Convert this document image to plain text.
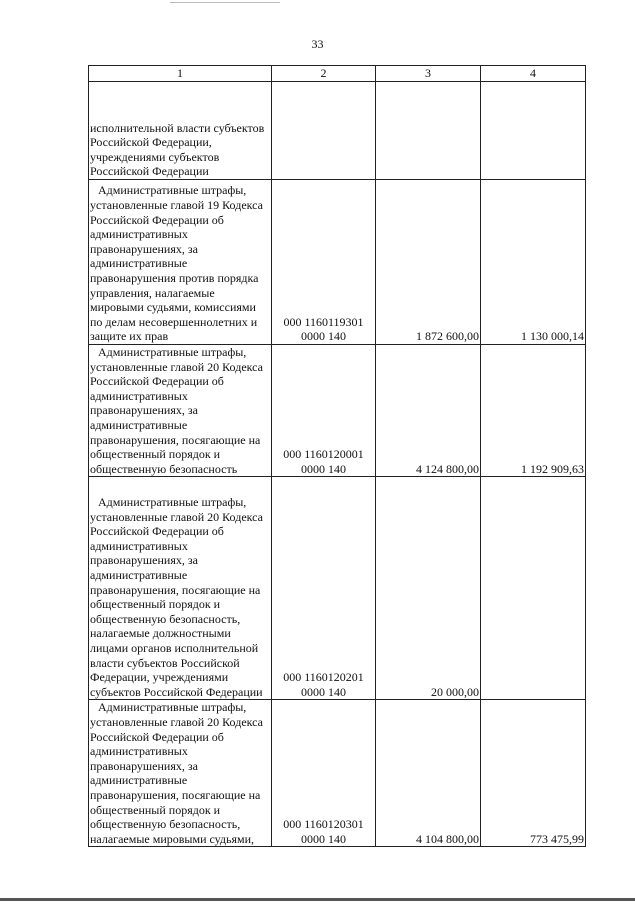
33
1	2	3	4
исполнительной власти субъектов Российской Федерации, учреждениями субъектов Российской Федерации			
Административные штрафы, установленные главой 19 Кодекса Российской Федерации об административных правонарушениях, за административные правонарушения против порядка управления, налагаемые мировыми судьями, комиссиями по делам несовершеннолетних и защите их прав	000 1160119301
0000 140	1 872 600,00	1 130 000,14
Административные штрафы, установленные главой 20 Кодекса Российской Федерации об административных правонарушениях, за административные правонарушения, посягающие на общественный порядок и общественную безопасность	000 1160120001
0000 140	4 124 800,00	1 192 909,63
Административные штрафы, установленные главой 20 Кодекса Российской Федерации об административных правонарушениях, за административные правонарушения, посягающие на общественный порядок и общественную безопасность, налагаемые должностными лицами органов исполнительной власти субъектов Российской Федерации, учреждениями субъектов Российской Федерации	000 1160120201
0000 140	20 000,00	
Административные штрафы, установленные главой 20 Кодекса Российской Федерации об административных правонарушениях, за административные правонарушения, посягающие на общественный порядок и общественную безопасность, налагаемые мировыми судьями,	000 1160120301
0000 140	4 104 800,00	773 475,99
